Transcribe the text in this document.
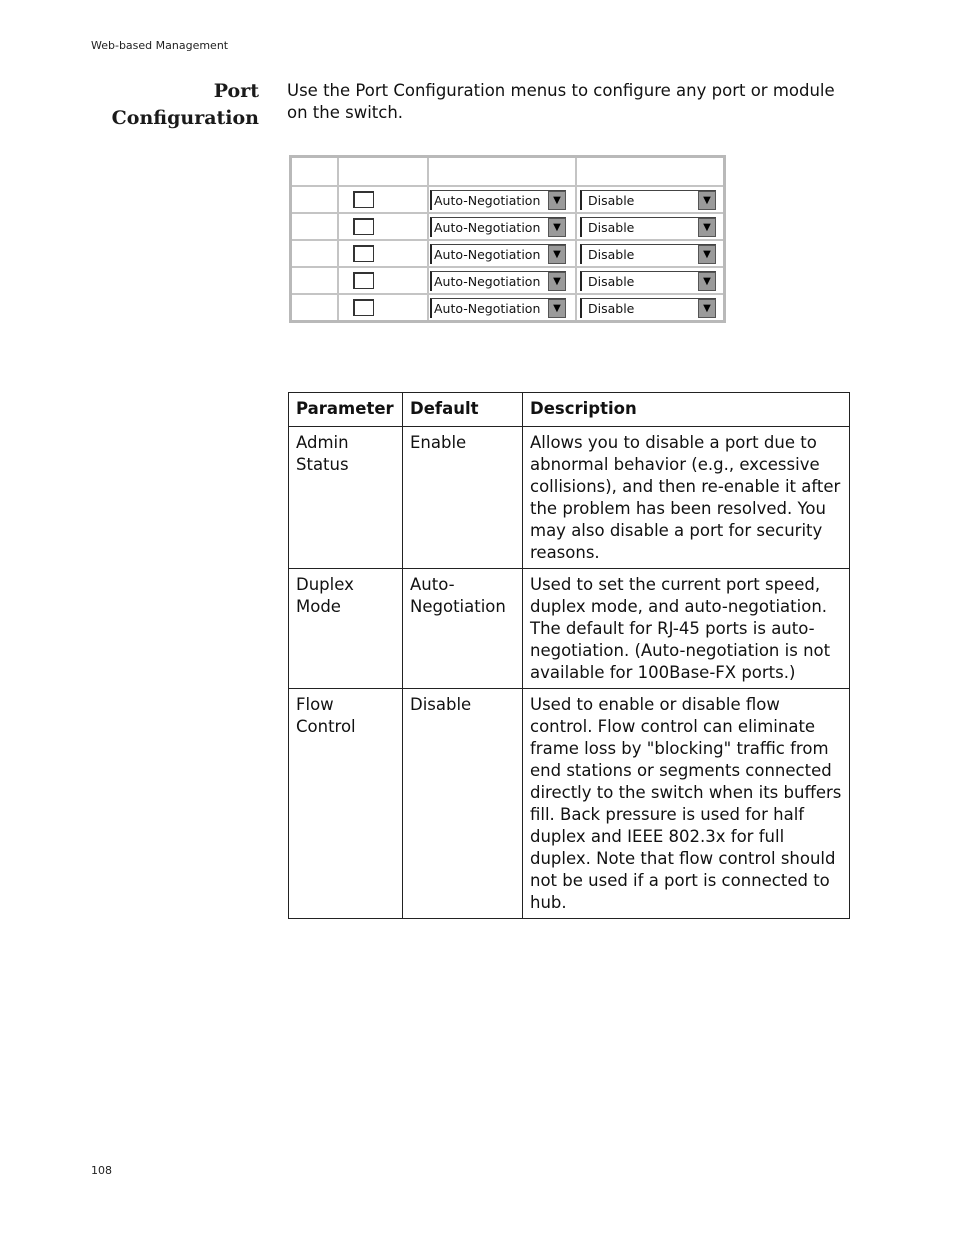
Web-based Management
Port
Configuration
Use the Port Configuration menus to configure any port or module on the switch.

		Auto-Negotiation ▼	Disable ▼

		Auto-Negotiation ▼	Disable ▼

		Auto-Negotiation ▼	Disable ▼

		Auto-Negotiation ▼	Disable ▼

		Auto-Negotiation ▼	Disable ▼
Parameter	Default	Description
Admin Status	Enable	Allows you to disable a port due to abnormal behavior (e.g., excessive collisions), and then re-enable it after the problem has been resolved. You may also disable a port for security reasons.
Duplex Mode	Auto-Negotiation	Used to set the current port speed, duplex mode, and auto-negotiation. The default for RJ-45 ports is auto-negotiation. (Auto-negotiation is not available for 100Base-FX ports.)
Flow Control	Disable	Used to enable or disable flow control. Flow control can eliminate frame loss by "blocking" traffic from end stations or segments connected directly to the switch when its buffers fill. Back pressure is used for half duplex and IEEE 802.3x for full duplex. Note that flow control should not be used if a port is connected to hub.
108
